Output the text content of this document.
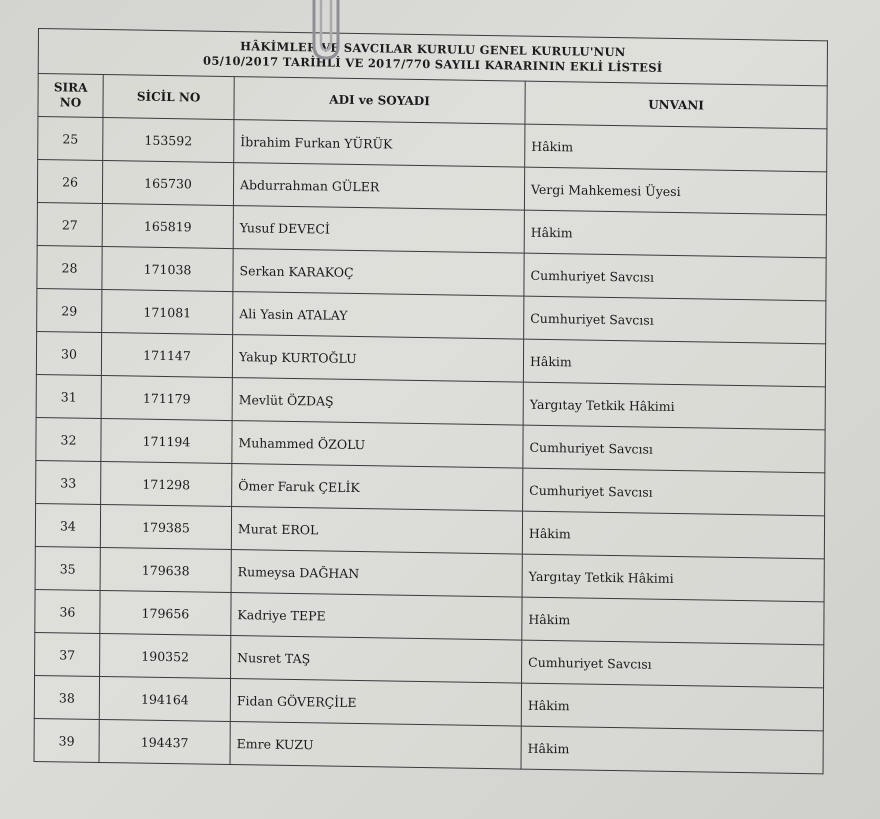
HÂKİMLER VE SAVCILAR KURULU GENEL KURULU'NUN
05/10/2017 TARİHLİ VE 2017/770 SAYILI KARARININ EKLİ LİSTESİ			

SIRA
NO	SİCİL NO	ADI ve SOYADI	UNVANI
25	153592	İbrahim Furkan YÜRÜK	Hâkim
26	165730	Abdurrahman GÜLER	Vergi Mahkemesi Üyesi
27	165819	Yusuf DEVECİ	Hâkim
28	171038	Serkan KARAKOÇ	Cumhuriyet Savcısı
29	171081	Ali Yasin ATALAY	Cumhuriyet Savcısı
30	171147	Yakup KURTOĞLU	Hâkim
31	171179	Mevlüt ÖZDAŞ	Yargıtay Tetkik Hâkimi
32	171194	Muhammed ÖZOLU	Cumhuriyet Savcısı
33	171298	Ömer Faruk ÇELİK	Cumhuriyet Savcısı
34	179385	Murat EROL	Hâkim
35	179638	Rumeysa DAĞHAN	Yargıtay Tetkik Hâkimi
36	179656	Kadriye TEPE	Hâkim
37	190352	Nusret TAŞ	Cumhuriyet Savcısı
38	194164	Fidan GÖVERÇİLE	Hâkim
39	194437	Emre KUZU	Hâkim
